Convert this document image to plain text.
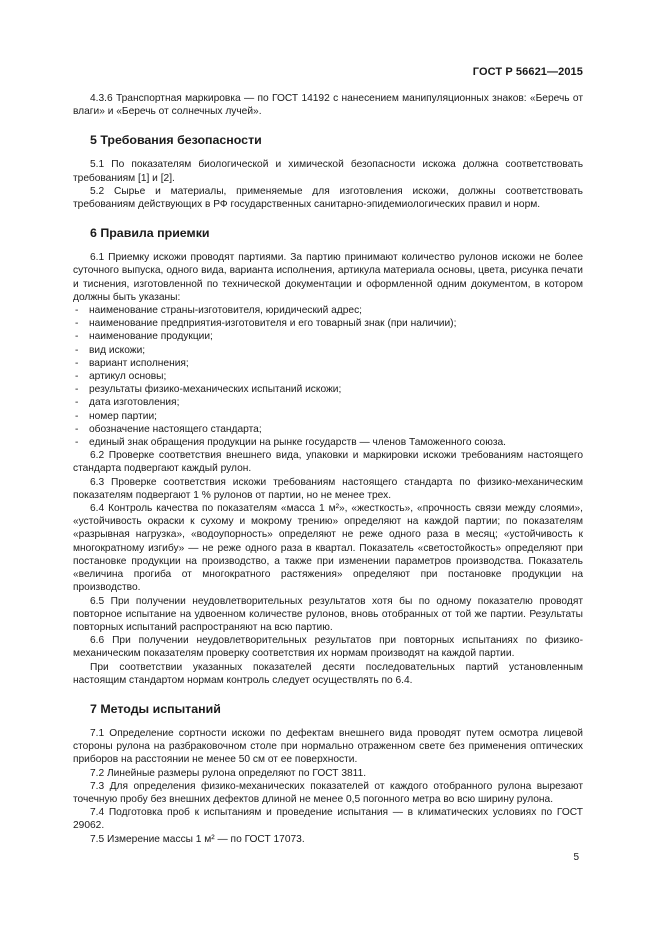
ГОСТ Р 56621—2015

4.3.6 Транспортная маркировка — по ГОСТ 14192 с нанесением манипуляционных знаков: «Беречь от влаги» и «Беречь от солнечных лучей».

5 Требования безопасности

5.1 По показателям биологической и химической безопасности искожа должна соответствовать требованиям [1] и [2].

5.2 Сырье и материалы, применяемые для изготовления искожи, должны соответствовать требованиям действующих в РФ государственных санитарно-эпидемиологических правил и норм.

6 Правила приемки

6.1 Приемку искожи проводят партиями. За партию принимают количество рулонов искожи не более суточного выпуска, одного вида, варианта исполнения, артикула материала основы, цвета, рисунка печати и тиснения, изготовленной по технической документации и оформленной одним документом, в котором должны быть указаны:

- наименование страны-изготовителя, юридический адрес;
- наименование предприятия-изготовителя и его товарный знак (при наличии);
- наименование продукции;
- вид искожи;
- вариант исполнения;
- артикул основы;
- результаты физико-механических испытаний искожи;
- дата изготовления;
- номер партии;
- обозначение настоящего стандарта;
- единый знак обращения продукции на рынке государств — членов Таможенного союза.

6.2 Проверке соответствия внешнего вида, упаковки и маркировки искожи требованиям настоящего стандарта подвергают каждый рулон.

6.3 Проверке соответствия искожи требованиям настоящего стандарта по физико-механическим показателям подвергают 1 % рулонов от партии, но не менее трех.

6.4 Контроль качества по показателям «масса 1 м²», «жесткость», «прочность связи между слоями», «устойчивость окраски к сухому и мокрому трению» определяют на каждой партии; по показателям «разрывная нагрузка», «водоупорность» определяют не реже одного раза в месяц; «устойчивость к многократному изгибу» — не реже одного раза в квартал. Показатель «светостойкость» определяют при постановке продукции на производство, а также при изменении параметров производства. Показатель «величина прогиба от многократного растяжения» определяют при постановке продукции на производство.

6.5 При получении неудовлетворительных результатов хотя бы по одному показателю проводят повторное испытание на удвоенном количестве рулонов, вновь отобранных от той же партии. Результаты повторных испытаний распространяют на всю партию.

6.6 При получении неудовлетворительных результатов при повторных испытаниях по физико-механическим показателям проверку соответствия их нормам производят на каждой партии.

При соответствии указанных показателей десяти последовательных партий установленным настоящим стандартом нормам контроль следует осуществлять по 6.4.

7 Методы испытаний

7.1 Определение сортности искожи по дефектам внешнего вида проводят путем осмотра лицевой стороны рулона на разбраковочном столе при нормально отраженном свете без применения оптических приборов на расстоянии не менее 50 см от ее поверхности.

7.2 Линейные размеры рулона определяют по ГОСТ 3811.

7.3 Для определения физико-механических показателей от каждого отобранного рулона вырезают точечную пробу без внешних дефектов длиной не менее 0,5 погонного метра во всю ширину рулона.

7.4 Подготовка проб к испытаниям и проведение испытания — в климатических условиях по ГОСТ 29062.

7.5 Измерение массы 1 м² — по ГОСТ 17073.

5
